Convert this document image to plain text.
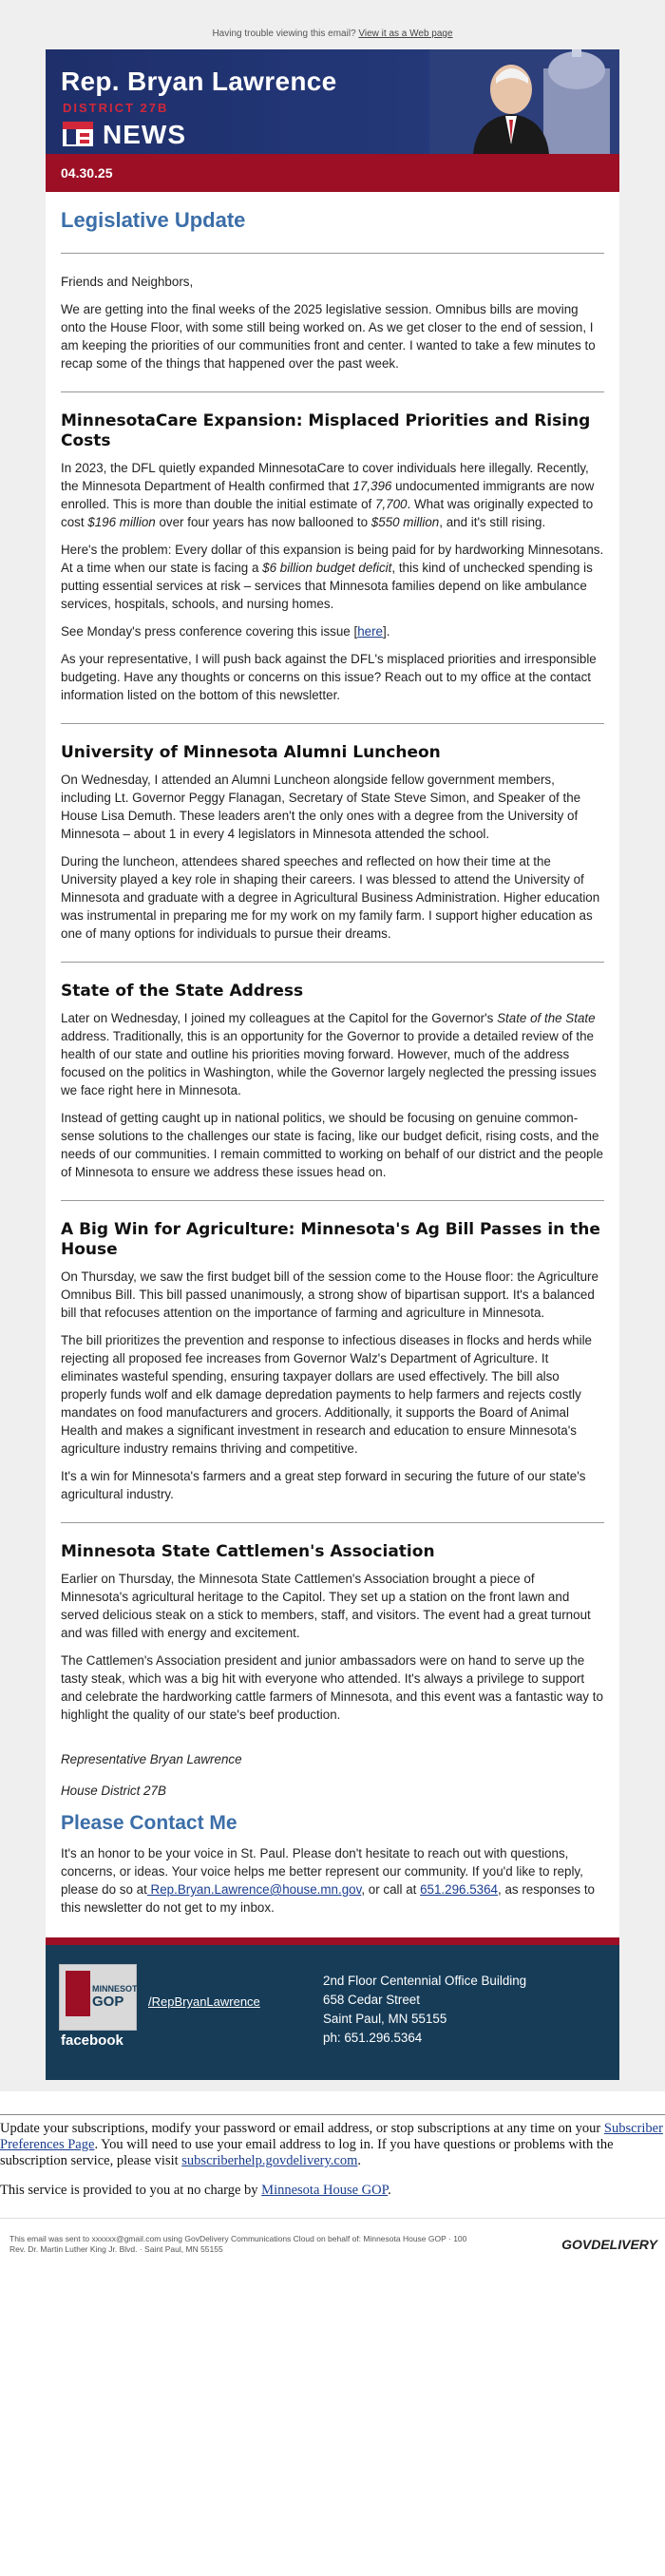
Having trouble viewing this email? View it as a Web page
Rep. Bryan Lawrence
DISTRICT 27B
NEWS
04.30.25
Legislative Update

Friends and Neighbors,

We are getting into the final weeks of the 2025 legislative session. Omnibus bills are moving onto the House Floor, with some still being worked on. As we get closer to the end of session, I am keeping the priorities of our communities front and center. I wanted to take a few minutes to recap some of the things that happened over the past week.

MinnesotaCare Expansion: Misplaced Priorities and Rising Costs

In 2023, the DFL quietly expanded MinnesotaCare to cover individuals here illegally. Recently, the Minnesota Department of Health confirmed that 17,396 undocumented immigrants are now enrolled. This is more than double the initial estimate of 7,700. What was originally expected to cost $196 million over four years has now ballooned to $550 million, and it's still rising.

Here's the problem: Every dollar of this expansion is being paid for by hardworking Minnesotans. At a time when our state is facing a $6 billion budget deficit, this kind of unchecked spending is putting essential services at risk – services that Minnesota families depend on like ambulance services, hospitals, schools, and nursing homes.

See Monday's press conference covering this issue [here].

As your representative, I will push back against the DFL's misplaced priorities and irresponsible budgeting. Have any thoughts or concerns on this issue? Reach out to my office at the contact information listed on the bottom of this newsletter.

University of Minnesota Alumni Luncheon

On Wednesday, I attended an Alumni Luncheon alongside fellow government members, including Lt. Governor Peggy Flanagan, Secretary of State Steve Simon, and Speaker of the House Lisa Demuth. These leaders aren't the only ones with a degree from the University of Minnesota – about 1 in every 4 legislators in Minnesota attended the school.

During the luncheon, attendees shared speeches and reflected on how their time at the University played a key role in shaping their careers. I was blessed to attend the University of Minnesota and graduate with a degree in Agricultural Business Administration. Higher education was instrumental in preparing me for my work on my family farm. I support higher education as one of many options for individuals to pursue their dreams.

State of the State Address

Later on Wednesday, I joined my colleagues at the Capitol for the Governor's State of the State address. Traditionally, this is an opportunity for the Governor to provide a detailed review of the health of our state and outline his priorities moving forward. However, much of the address focused on the politics in Washington, while the Governor largely neglected the pressing issues we face right here in Minnesota.

Instead of getting caught up in national politics, we should be focusing on genuine common-sense solutions to the challenges our state is facing, like our budget deficit, rising costs, and the needs of our communities. I remain committed to working on behalf of our district and the people of Minnesota to ensure we address these issues head on.

A Big Win for Agriculture: Minnesota's Ag Bill Passes in the House

On Thursday, we saw the first budget bill of the session come to the House floor: the Agriculture Omnibus Bill. This bill passed unanimously, a strong show of bipartisan support. It's a balanced bill that refocuses attention on the importance of farming and agriculture in Minnesota.

The bill prioritizes the prevention and response to infectious diseases in flocks and herds while rejecting all proposed fee increases from Governor Walz's Department of Agriculture. It eliminates wasteful spending, ensuring taxpayer dollars are used effectively. The bill also properly funds wolf and elk damage depredation payments to help farmers and rejects costly mandates on food manufacturers and grocers. Additionally, it supports the Board of Animal Health and makes a significant investment in research and education to ensure Minnesota's agriculture industry remains thriving and competitive.

It's a win for Minnesota's farmers and a great step forward in securing the future of our state's agricultural industry.

Minnesota State Cattlemen's Association

Earlier on Thursday, the Minnesota State Cattlemen's Association brought a piece of Minnesota's agricultural heritage to the Capitol. They set up a station on the front lawn and served delicious steak on a stick to members, staff, and visitors. The event had a great turnout and was filled with energy and excitement.

The Cattlemen's Association president and junior ambassadors were on hand to serve up the tasty steak, which was a big hit with everyone who attended. It's always a privilege to support and celebrate the hardworking cattle farmers of Minnesota, and this event was a fantastic way to highlight the quality of our state's beef production.

Representative Bryan Lawrence

House District 27B

Please Contact Me

It's an honor to be your voice in St. Paul. Please don't hesitate to reach out with questions, concerns, or ideas. Your voice helps me better represent our community. If you'd like to reply, please do so at Rep.Bryan.Lawrence@house.mn.gov, or call at 651.296.5364, as responses to this newsletter do not get to my inbox.

MINNESOTA
GOP
facebook
/RepBryanLawrence
2nd Floor Centennial Office Building
658 Cedar Street
Saint Paul, MN 55155
ph: 651.296.5364

Update your subscriptions, modify your password or email address, or stop subscriptions at any time on your Subscriber Preferences Page. You will need to use your email address to log in. If you have questions or problems with the subscription service, please visit subscriberhelp.govdelivery.com.

This service is provided to you at no charge by Minnesota House GOP.

This email was sent to xxxxxx@gmail.com using GovDelivery Communications Cloud on behalf of: Minnesota House GOP · 100
Rev. Dr. Martin Luther King Jr. Blvd. · Saint Paul, MN 55155	GOVDELIVERY
